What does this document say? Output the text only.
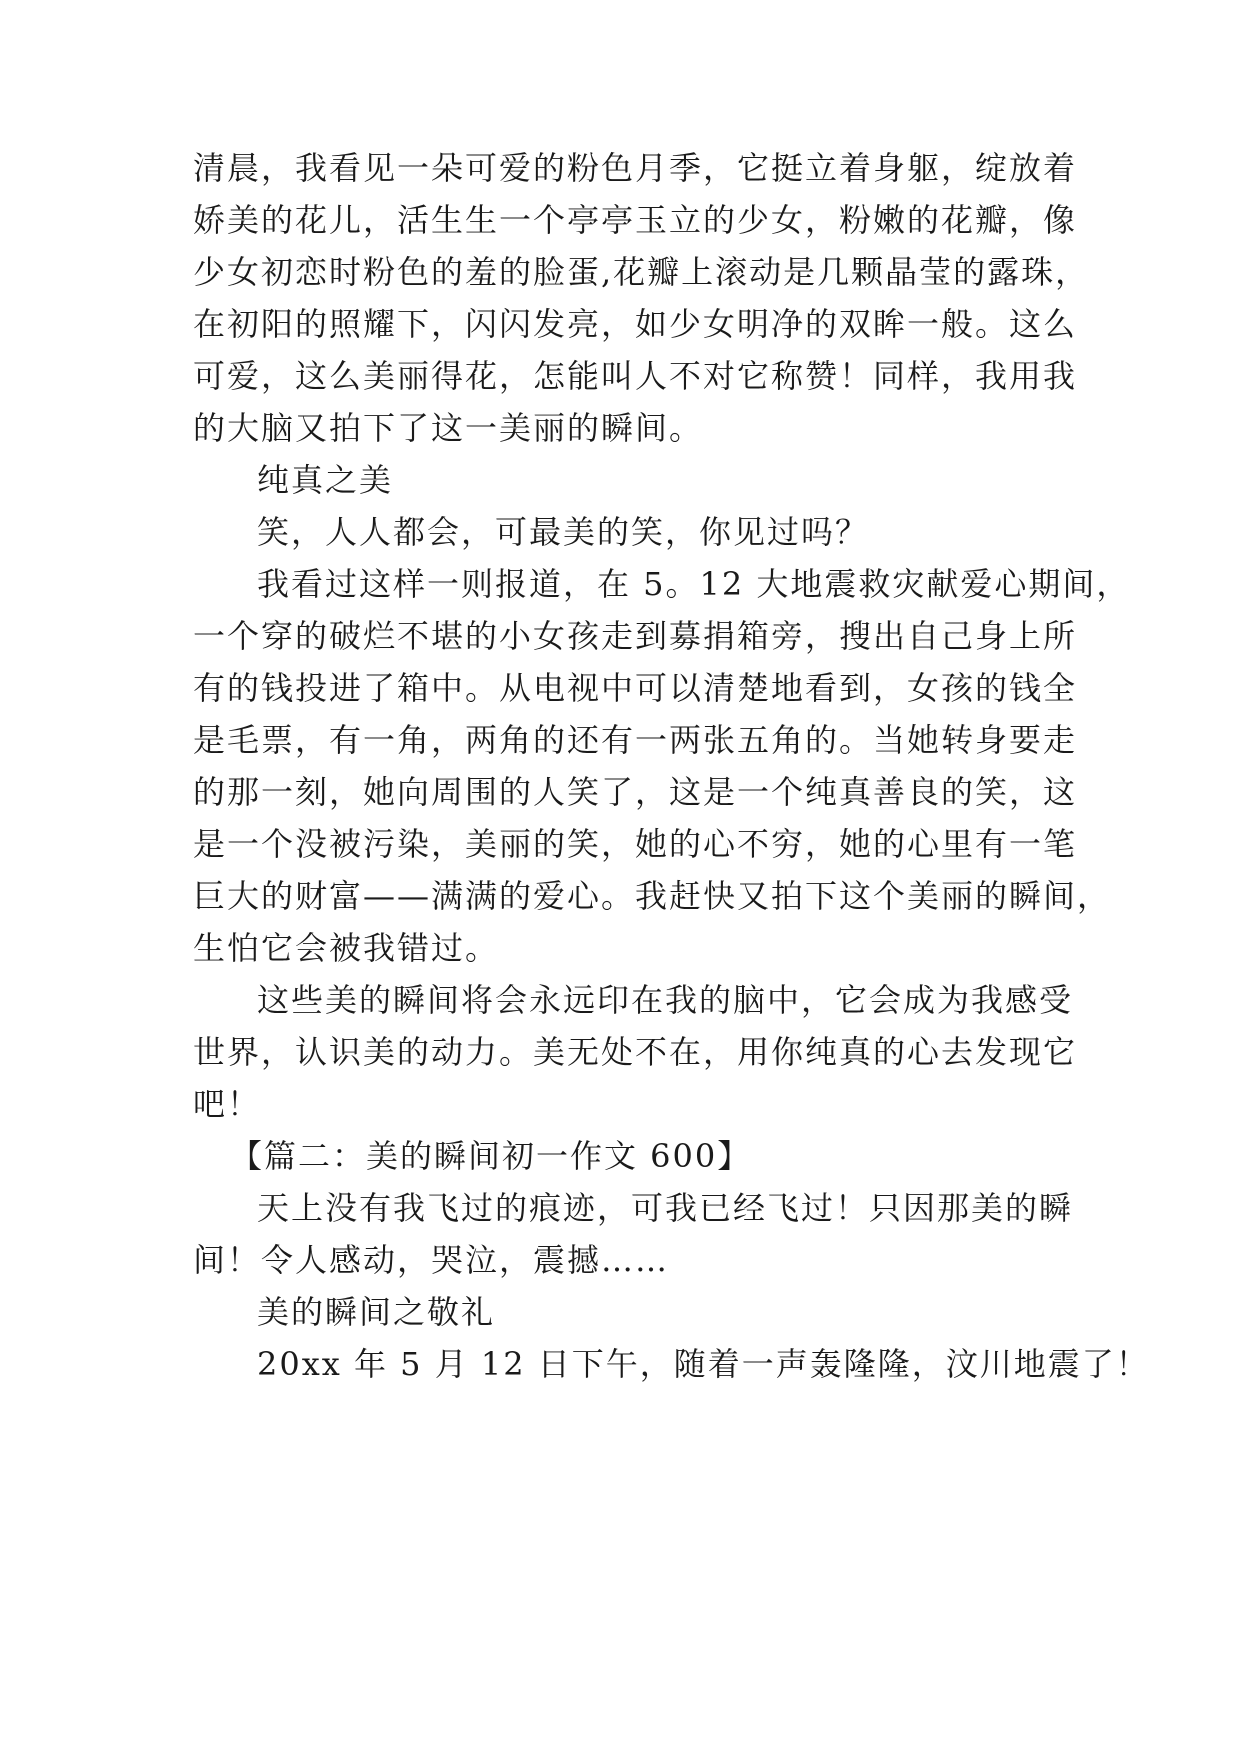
清晨，我看见一朵可爱的粉色月季，它挺立着身躯，绽放着
娇美的花儿，活生生一个亭亭玉立的少女，粉嫩的花瓣，像
少女初恋时粉色的羞的脸蛋,花瓣上滚动是几颗晶莹的露珠，
在初阳的照耀下，闪闪发亮，如少女明净的双眸一般。这么
可爱，这么美丽得花，怎能叫人不对它称赞！同样，我用我
的大脑又拍下了这一美丽的瞬间。
纯真之美
笑，人人都会，可最美的笑，你见过吗？
我看过这样一则报道，在 5。12 大地震救灾献爱心期间，
一个穿的破烂不堪的小女孩走到募捐箱旁，搜出自己身上所
有的钱投进了箱中。从电视中可以清楚地看到，女孩的钱全
是毛票，有一角，两角的还有一两张五角的。当她转身要走
的那一刻，她向周围的人笑了，这是一个纯真善良的笑，这
是一个没被污染，美丽的笑，她的心不穷，她的心里有一笔
巨大的财富——满满的爱心。我赶快又拍下这个美丽的瞬间，
生怕它会被我错过。
这些美的瞬间将会永远印在我的脑中，它会成为我感受
世界，认识美的动力。美无处不在，用你纯真的心去发现它
吧！
【篇二：美的瞬间初一作文 600】
天上没有我飞过的痕迹，可我已经飞过！只因那美的瞬
间！令人感动，哭泣，震撼……
美的瞬间之敬礼
20xx 年 5 月 12 日下午，随着一声轰隆隆，汶川地震了！
